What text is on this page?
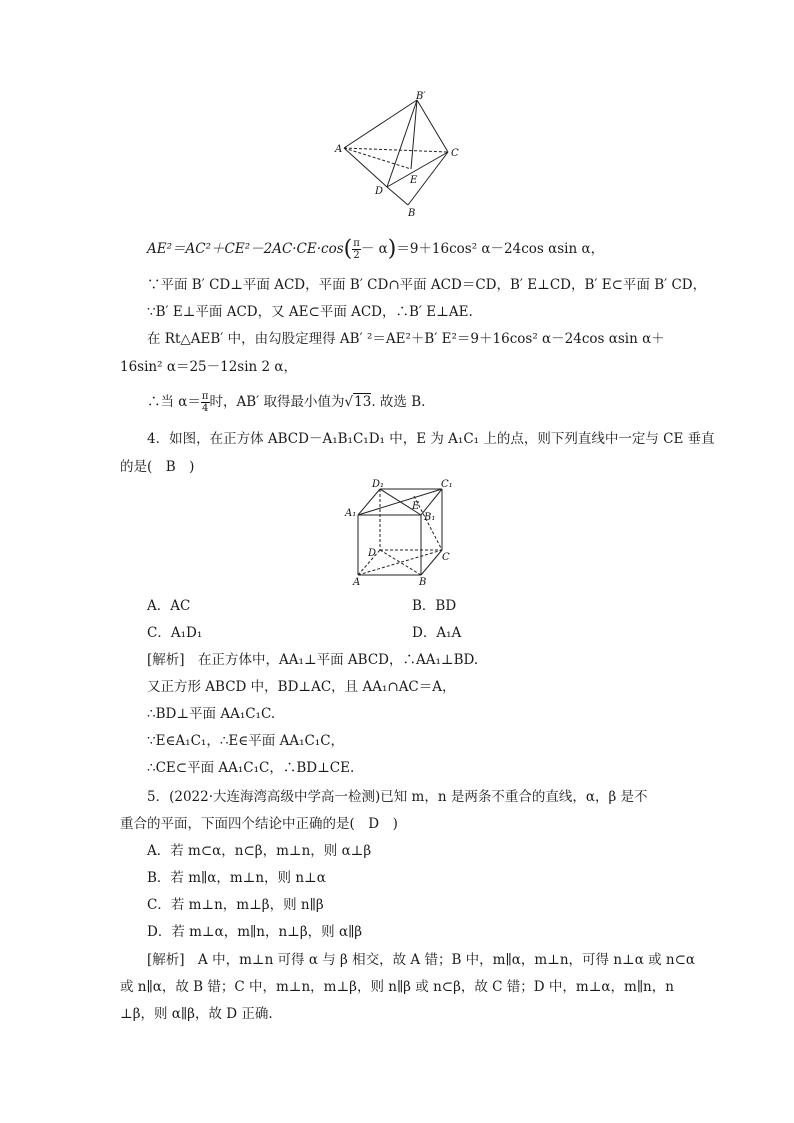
B′
A	C
D
E
B
$AE^2=AC^2+CE^2-2AC\cdot CE\cdot\cos( \frac{\pi}{2} - \alpha)=9+16\cos^2$ α－24cos αsin α，
∵平面 B′ CD⊥平面 ACD，平面 B′ CD∩平面 ACD＝CD，B′ E⊥CD，B′ E⊂平面 B′ CD，
∵B′ E⊥平面 ACD，又 AE⊂平面 ACD，∴B′ E⊥AE.
在 Rt△AEB′ 中，由勾股定理得 AB′ ²＝AE²＋B′ E²＝9＋16cos² α－24cos αsin α＋
16sin² α＝25－12sin 2 α，
∴当 $\alpha= \frac{\pi}{4}$ 时，AB′ 取得最小值为√13. 故选 B.
4．如图，在正方体 ABCD－A₁B₁C₁D₁ 中，E 为 A₁C₁ 上的点，则下列直线中一定与 CE 垂直
的是(　B　)
D₁	C₁
A₁	B₁
E
D	C
A	B
A．AC	B．BD
C．A₁D₁	D．A₁A
[解析]　在正方体中，AA₁⊥平面 ABCD，∴AA₁⊥BD.
又正方形 ABCD 中，BD⊥AC，且 AA₁∩AC＝A，
∴BD⊥平面 AA₁C₁C.
∵E∈A₁C₁，∴E∈平面 AA₁C₁C，
∴CE⊂平面 AA₁C₁C，∴BD⊥CE.
5．(2022·大连海湾高级中学高一检测)已知 m，n 是两条不重合的直线，α，β 是不
重合的平面，下面四个结论中正确的是(　D　)
A．若 m⊂α，n⊂β，m⊥n，则 α⊥β
B．若 m∥α，m⊥n，则 n⊥α
C．若 m⊥n，m⊥β，则 n∥β
D．若 m⊥α，m∥n，n⊥β，则 α∥β
[解析]　A 中，m⊥n 可得 α 与 β 相交，故 A 错；B 中，m∥α，m⊥n，可得 n⊥α 或 n⊂α
或 n∥α，故 B 错；C 中，m⊥n，m⊥β，则 n∥β 或 n⊂β，故 C 错；D 中，m⊥α，m∥n，n
⊥β，则 α∥β，故 D 正确.
